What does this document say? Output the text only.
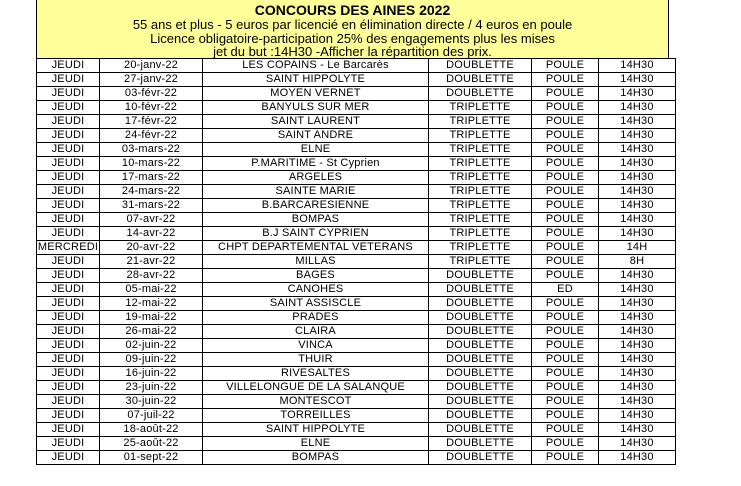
CONCOURS DES AINES 2022
55 ans et plus - 5 euros par licencié en élimination directe / 4 euros en poule
Licence obligatoire-participation 25% des engagements plus les mises
jet du but :14H30 -Afficher la répartition des prix.
JEUDI	20-janv-22	LES COPAINS - Le Barcarès	DOUBLETTE	POULE	14H30
JEUDI	27-janv-22	SAINT HIPPOLYTE	DOUBLETTE	POULE	14H30
JEUDI	03-févr-22	MOYEN VERNET	DOUBLETTE	POULE	14H30
JEUDI	10-févr-22	BANYULS SUR MER	TRIPLETTE	POULE	14H30
JEUDI	17-févr-22	SAINT LAURENT	TRIPLETTE	POULE	14H30
JEUDI	24-févr-22	SAINT ANDRE	TRIPLETTE	POULE	14H30
JEUDI	03-mars-22	ELNE	TRIPLETTE	POULE	14H30
JEUDI	10-mars-22	P.MARITIME - St Cyprien	TRIPLETTE	POULE	14H30
JEUDI	17-mars-22	ARGELES	TRIPLETTE	POULE	14H30
JEUDI	24-mars-22	SAINTE MARIE	TRIPLETTE	POULE	14H30
JEUDI	31-mars-22	B.BARCARESIENNE	TRIPLETTE	POULE	14H30
JEUDI	07-avr-22	BOMPAS	TRIPLETTE	POULE	14H30
JEUDI	14-avr-22	B.J SAINT CYPRIEN	TRIPLETTE	POULE	14H30
MERCREDI	20-avr-22	CHPT DEPARTEMENTAL VETERANS	TRIPLETTE	POULE	14H
JEUDI	21-avr-22	MILLAS	TRIPLETTE	POULE	8H
JEUDI	28-avr-22	BAGES	DOUBLETTE	POULE	14H30
JEUDI	05-mai-22	CANOHES	DOUBLETTE	ED	14H30
JEUDI	12-mai-22	SAINT ASSISCLE	DOUBLETTE	POULE	14H30
JEUDI	19-mai-22	PRADES	DOUBLETTE	POULE	14H30
JEUDI	26-mai-22	CLAIRA	DOUBLETTE	POULE	14H30
JEUDI	02-juin-22	VINCA	DOUBLETTE	POULE	14H30
JEUDI	09-juin-22	THUIR	DOUBLETTE	POULE	14H30
JEUDI	16-juin-22	RIVESALTES	DOUBLETTE	POULE	14H30
JEUDI	23-juin-22	VILLELONGUE DE LA SALANQUE	DOUBLETTE	POULE	14H30
JEUDI	30-juin-22	MONTESCOT	DOUBLETTE	POULE	14H30
JEUDI	07-juil-22	TORREILLES	DOUBLETTE	POULE	14H30
JEUDI	18-août-22	SAINT HIPPOLYTE	DOUBLETTE	POULE	14H30
JEUDI	25-août-22	ELNE	DOUBLETTE	POULE	14H30
JEUDI	01-sept-22	BOMPAS	DOUBLETTE	POULE	14H30
